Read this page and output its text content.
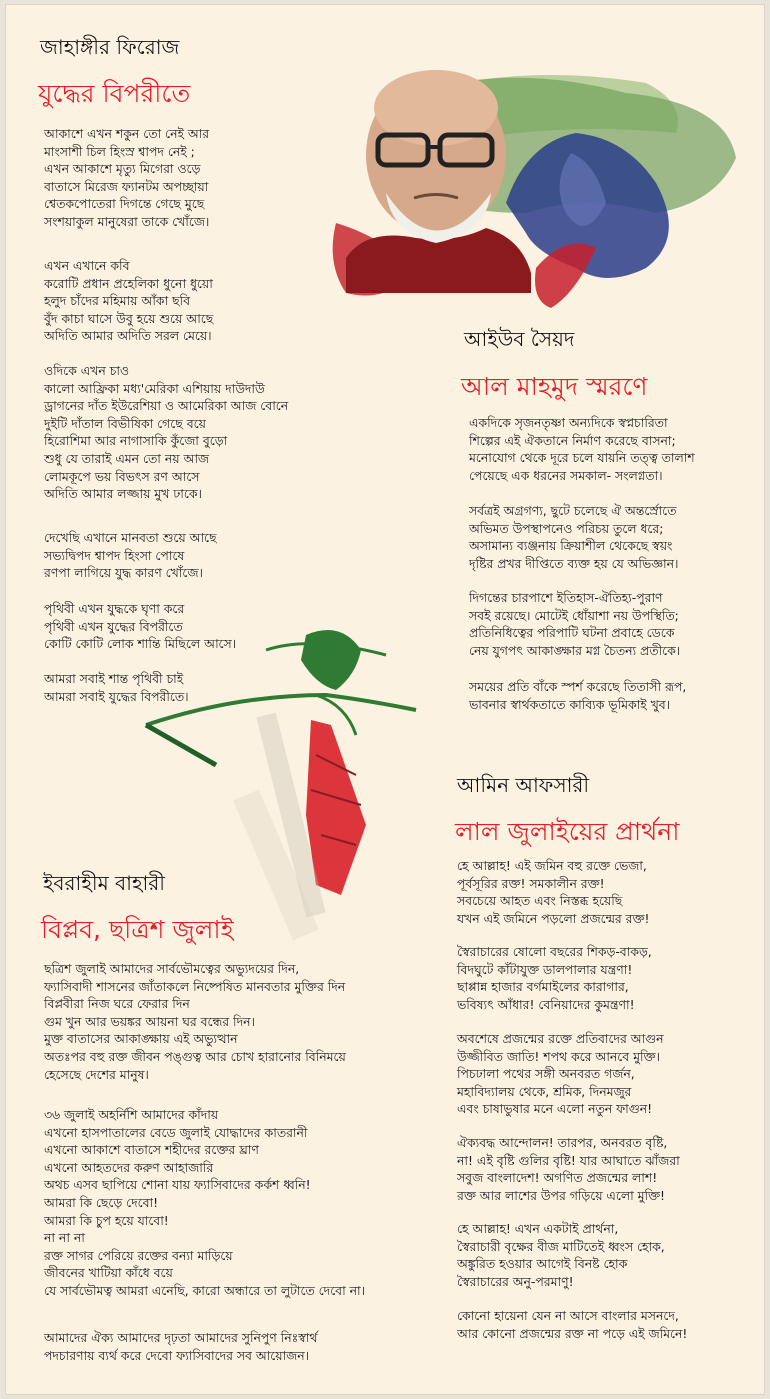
জাহাঙ্গীর ফিরোজ
যুদ্ধের বিপরীতে
আকাশে এখন শকুন তো নেই আর
মাংসাশী চিল হিংস্র শ্বাপদ নেই ;
এখন আকাশে মৃত্যু মিগেরা ওড়ে
বাতাসে মিরেজ ফ্যানটম অপচ্ছায়া
শ্বেতকপোতেরা দিগন্তে গেছে মুছে
সংশয়াকুল মানুষেরা তাকে খোঁজে।
এখন এখানে কবি
করোটি প্রধান প্রহেলিকা ধুনো ধুয়ো
হলুদ চাঁদের মহিমায় আঁকা ছবি
বুঁদ কাচা ঘাসে উবু হয়ে শুয়ে আছে
অদিতি আমার অদিতি সরল মেয়ে।
ওদিকে এখন চাও
কালো আফ্রিকা মধ্য'মেরিকা এশিয়ায় দাউদাউ
ড্রাগনের দাঁত ইউরেশিয়া ও আমেরিকা আজ বোনে
দুইটি দাঁতাল বিভীষিকা গেছে বয়ে
হিরোশিমা আর নাগাসাকি কুঁজো বুড়ো
শুধু যে তারাই এমন তো নয় আজ
লোমকূপে ভয় বিভৎস রণ আসে
অদিতি আমার লজ্জায় মুখ ঢাকে।
দেখেছি এখানে মানবতা শুয়ে আছে
সভ্যদ্বিপদ শ্বাপদ হিংসা পোষে
রণপা লাগিয়ে যুদ্ধ কারণ খোঁজে।
পৃথিবী এখন যুদ্ধকে ঘৃণা করে
পৃথিবী এখন যুদ্ধের বিপরীতে
কোটি কোটি লোক শান্তি মিছিলে আসে।
আমরা সবাই শান্ত পৃথিবী চাই
আমরা সবাই যুদ্ধের বিপরীতে।
আইউব সৈয়দ
আল মাহমুদ স্মরণে
একদিকে সৃজনতৃষ্ণা অন্যদিকে স্বপ্নচারিতা
শিল্পের এই ঐকতানে নির্মাণ করেছে বাসনা;
মনোযোগ থেকে দূরে চলে যায়নি তত্ত্ব তালাশ
পেয়েছে এক ধরনের সমকাল- সংলগ্নতা।
সর্বত্রই অগ্রগণ্য, ছুটে চলেছে ঐ অন্তর্স্রোতে
অভিমত উপস্থাপনেও পরিচয় তুলে ধরে;
অসামান্য ব্যঞ্জনায় ক্রিয়াশীল থেকেছে স্বয়ং
দৃষ্টির প্রখর দীপ্তিতে ব্যক্ত হয় যে অভিজ্ঞান।
দিগন্তের চারপাশে ইতিহাস-ঐতিহ্য-পুরাণ
সবই রয়েছে। মোটেই ধোঁয়াশা নয় উপস্থিতি;
প্রতিনিধিত্বের পরিপাটি ঘটনা প্রবাহে ডেকে
নেয় যুগপৎ আকাঙ্ক্ষার মগ্ন চৈতন্য প্রতীকে।
সময়ের প্রতি বাঁকে স্পর্শ করেছে তিতাসী রূপ,
ভাবনার স্বার্থকতাতে কাব্যিক ভূমিকাই খুব।
আমিন আফসারী
লাল জুলাইয়ের প্রার্থনা
হে আল্লাহ! এই জমিন বহু রক্তে ভেজা,
পূর্বসূরির রক্ত! সমকালীন রক্ত!
সবচেয়ে আহত এবং নিস্তব্ধ হয়েছি
যখন এই জমিনে পড়লো প্রজন্মের রক্ত!
স্বৈরাচারের ষোলো বছরের শিকড়-বাকড়,
বিদঘুটে কাঁটাযুক্ত ডালপালার যন্ত্রণা!
ছাপ্পান্ন হাজার বর্গমাইলের কারাগার,
ভবিষ্যৎ আঁধার! বেনিয়াদের কুমন্ত্রণা!
অবশেষে প্রজন্মের রক্তে প্রতিবাদের আগুন
উজ্জীবিত জাতি! শপথ করে আনবে মুক্তি।
পিচঢালা পথের সঙ্গী অনবরত গর্জন,
মহাবিদ্যালয় থেকে, শ্রমিক, দিনমজুর
এবং চাষাভুষার মনে এলো নতুন ফাগুন!
ঐক্যবদ্ধ আন্দোলন! তারপর, অনবরত বৃষ্টি,
না! এই বৃষ্টি গুলির বৃষ্টি! যার আঘাতে ঝাঁজরা
সবুজ বাংলাদেশ! অগণিত প্রজন্মের লাশ!
রক্ত আর লাশের উপর গড়িয়ে এলো মুক্তি!
হে আল্লাহ! এখন একটাই প্রার্থনা,
স্বৈরাচারী বৃক্ষের বীজ মাটিতেই ধ্বংস হোক,
অঙ্কুরিত হওয়ার আগেই বিনষ্ট হোক
স্বৈরাচারের অনু-পরমাণু!
কোনো হায়েনা যেন না আসে বাংলার মসনদে,
আর কোনো প্রজন্মের রক্ত না পড়ে এই জমিনে!
ইবরাহীম বাহারী
বিপ্লব, ছত্রিশ জুলাই
ছত্রিশ জুলাই আমাদের সার্বভৌমত্বের অভ্যুদয়ের দিন,
ফ্যাসিবাদী শাসনের জাঁতাকলে নিষ্পেষিত মানবতার মুক্তির দিন
বিপ্লবীরা নিজ ঘরে ফেরার দিন
গুম খুন আর ভয়ঙ্কর আয়না ঘর বন্ধের দিন।
মুক্ত বাতাসের আকাঙ্ক্ষায় এই অভ্যুত্থান
অতঃপর বহু রক্ত জীবন পঙ্গুত্ব আর চোখ হারানোর বিনিময়ে
হেসেছে দেশের মানুষ।
৩৬ জুলাই অহর্নিশি আমাদের কাঁদায়
এখনো হাসপাতালের বেডে জুলাই যোদ্ধাদের কাতরানী
এখনো আকাশে বাতাসে শহীদের রক্তের ঘ্রাণ
এখনো আহতদের করুণ আহাজারি
অথচ এসব ছাপিয়ে শোনা যায় ফ্যাসিবাদের কর্কশ ধ্বনি!
আমরা কি ছেড়ে দেবো!
আমরা কি চুপ হয়ে যাবো!
না না না
রক্ত সাগর পেরিয়ে রক্তের বন্যা মাড়িয়ে
জীবনের খাটিয়া কাঁধে বয়ে
যে সার্বভৌমত্ব আমরা এনেছি, কারো অন্ধারে তা লুটাতে দেবো না।
আমাদের ঐক্য আমাদের দৃঢ়তা আমাদের সুনিপুণ নিঃস্বার্থ
পদচারণায় ব্যর্থ করে দেবো ফ্যাসিবাদের সব আয়োজন।
